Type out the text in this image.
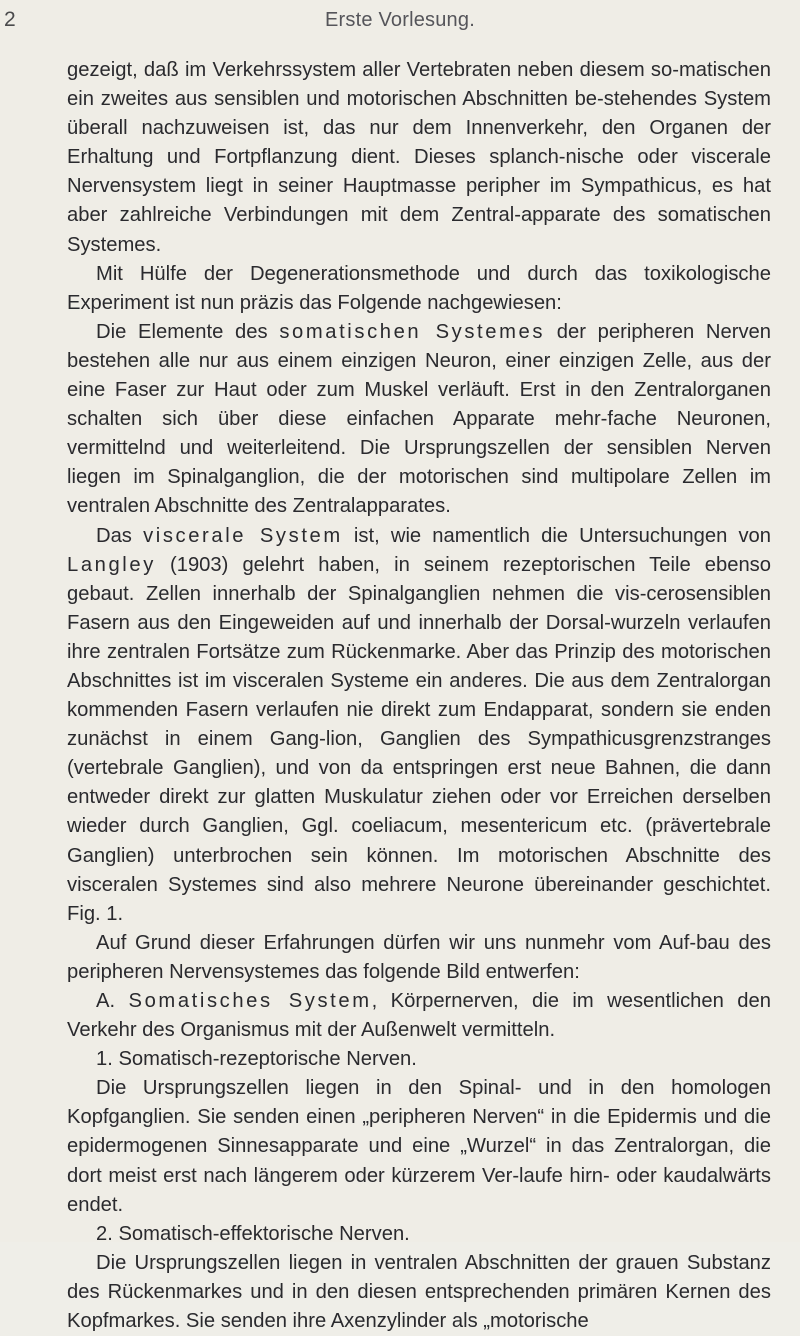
2	Erste Vorlesung.

gezeigt, daß im Verkehrssystem aller Vertebraten neben diesem so-matischen ein zweites aus sensiblen und motorischen Abschnitten be-stehendes System überall nachzuweisen ist, das nur dem Innenverkehr, den Organen der Erhaltung und Fortpflanzung dient. Dieses splanch-nische oder viscerale Nervensystem liegt in seiner Hauptmasse peripher im Sympathicus, es hat aber zahlreiche Verbindungen mit dem Zentral-apparate des somatischen Systemes.

Mit Hülfe der Degenerationsmethode und durch das toxikologische Experiment ist nun präzis das Folgende nachgewiesen:

Die Elemente des somatischen Systemes der peripheren Nerven bestehen alle nur aus einem einzigen Neuron, einer einzigen Zelle, aus der eine Faser zur Haut oder zum Muskel verläuft. Erst in den Zentralorganen schalten sich über diese einfachen Apparate mehr-fache Neuronen, vermittelnd und weiterleitend. Die Ursprungszellen der sensiblen Nerven liegen im Spinalganglion, die der motorischen sind multipolare Zellen im ventralen Abschnitte des Zentralapparates.

Das viscerale System ist, wie namentlich die Untersuchungen von Langley (1903) gelehrt haben, in seinem rezeptorischen Teile ebenso gebaut. Zellen innerhalb der Spinalganglien nehmen die vis-cerosensiblen Fasern aus den Eingeweiden auf und innerhalb der Dorsal-wurzeln verlaufen ihre zentralen Fortsätze zum Rückenmarke. Aber das Prinzip des motorischen Abschnittes ist im visceralen Systeme ein anderes. Die aus dem Zentralorgan kommenden Fasern verlaufen nie direkt zum Endapparat, sondern sie enden zunächst in einem Gang-lion, Ganglien des Sympathicusgrenzstranges (vertebrale Ganglien), und von da entspringen erst neue Bahnen, die dann entweder direkt zur glatten Muskulatur ziehen oder vor Erreichen derselben wieder durch Ganglien, Ggl. coeliacum, mesentericum etc. (prävertebrale Ganglien) unterbrochen sein können. Im motorischen Abschnitte des visceralen Systemes sind also mehrere Neurone übereinander geschichtet. Fig. 1.

Auf Grund dieser Erfahrungen dürfen wir uns nunmehr vom Auf-bau des peripheren Nervensystemes das folgende Bild entwerfen:

A. Somatisches System, Körpernerven, die im wesentlichen den Verkehr des Organismus mit der Außenwelt vermitteln.

1. Somatisch-rezeptorische Nerven.

Die Ursprungszellen liegen in den Spinal- und in den homologen Kopfganglien. Sie senden einen „peripheren Nerven“ in die Epidermis und die epidermogenen Sinnesapparate und eine „Wurzel“ in das Zentralorgan, die dort meist erst nach längerem oder kürzerem Ver-laufe hirn- oder kaudalwärts endet.

2. Somatisch-effektorische Nerven.

Die Ursprungszellen liegen in ventralen Abschnitten der grauen Substanz des Rückenmarkes und in den diesen entsprechenden primären Kernen des Kopfmarkes. Sie senden ihre Axenzylinder als „motorische
